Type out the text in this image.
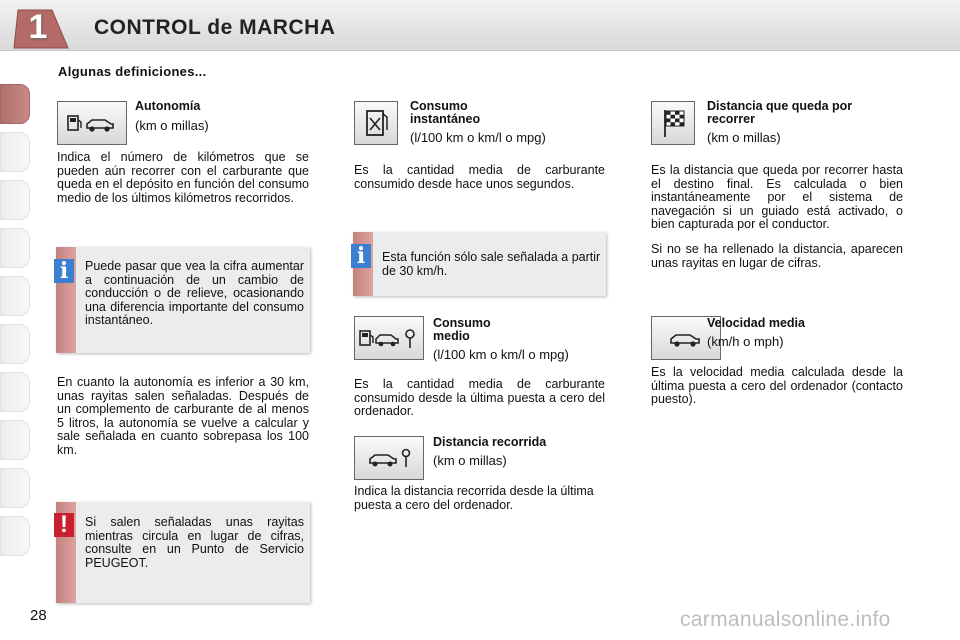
1	CONTROL de MARCHA
Algunas definiciones...
Autonomía
(km o millas)
Indica el número de kilómetros que se pueden aún recorrer con el carburante que queda en el depósito en función del consumo medio de los últimos kilómetros recorridos.
i	Puede pasar que vea la cifra aumentar a continuación de un cambio de conducción o de relieve, ocasionando una diferencia importante del consumo instantáneo.
En cuanto la autonomía es inferior a 30 km, unas rayitas salen señaladas. Después de un complemento de carburante de al menos 5 litros, la autonomía se vuelve a calcular y sale señalada en cuanto sobrepasa los 100 km.
!	Si salen señaladas unas rayitas mientras circula en lugar de cifras, consulte en un Punto de Servicio PEUGEOT.
Consumo
instantáneo
(l/100 km o km/l o mpg)
Es la cantidad media de carburante consumido desde hace unos segundos.
i	Esta función sólo sale señalada a partir de 30 km/h.
Consumo
medio
(l/100 km o km/l o mpg)
Es la cantidad media de carburante consumido desde la última puesta a cero del ordenador.
Distancia recorrida
(km o millas)
Indica la distancia recorrida desde la última puesta a cero del ordenador.
Distancia que queda por
recorrer
(km o millas)
Es la distancia que queda por recorrer hasta el destino final. Es calculada o bien instantáneamente por el sistema de navegación si un guiado está activado, o bien capturada por el conductor.
Si no se ha rellenado la distancia, aparecen unas rayitas en lugar de cifras.
Velocidad media
(km/h o mph)
Es la velocidad media calculada desde la última puesta a cero del ordenador (contacto puesto).
28	carmanualsonline.info
